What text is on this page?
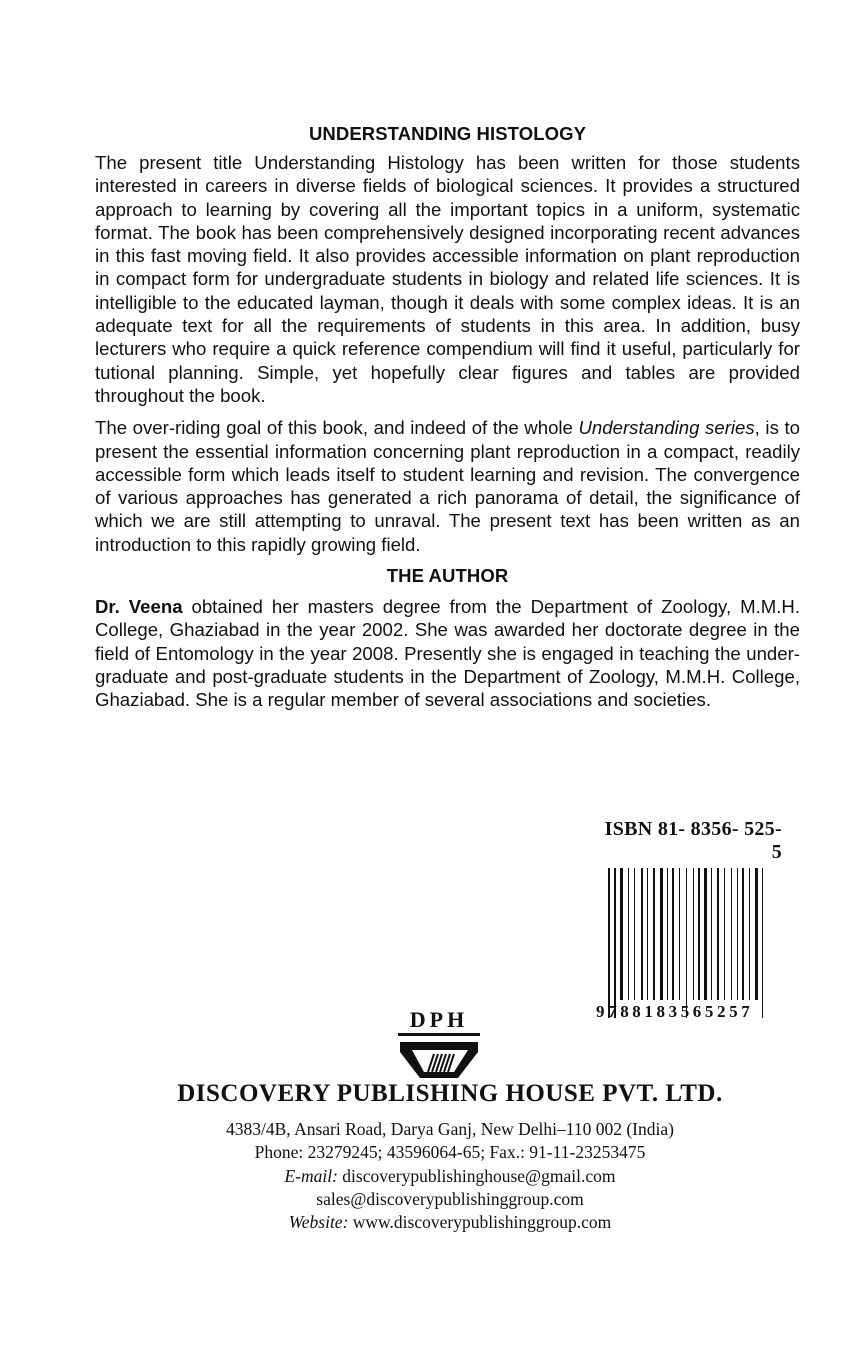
UNDERSTANDING HISTOLOGY

The present title Understanding Histology has been written for those students interested in careers in diverse fields of biological sciences. It provides a structured approach to learning by covering all the important topics in a uniform, systematic format. The book has been comprehensively designed incorporating recent advances in this fast moving field. It also provides accessible information on plant reproduction in compact form for undergraduate students in biology and related life sciences. It is intelligible to the educated layman, though it deals with some complex ideas. It is an adequate text for all the requirements of students in this area. In addition, busy lecturers who require a quick reference compendium will find it useful, particularly for tutional planning. Simple, yet hopefully clear figures and tables are provided throughout the book.

The over-riding goal of this book, and indeed of the whole Understanding series, is to present the essential information concerning plant reproduction in a compact, readily accessible form which leads itself to student learning and revision. The convergence of various approaches has generated a rich panorama of detail, the significance of which we are still attempting to unraval. The present text has been written as an introduction to this rapidly growing field.

THE AUTHOR

Dr. Veena obtained her masters degree from the Department of Zoology, M.M.H. College, Ghaziabad in the year 2002. She was awarded her doctorate degree in the field of Entomology in the year 2008. Presently she is engaged in teaching the under-graduate and post-graduate students in the Department of Zoology, M.M.H. College, Ghaziabad. She is a regular member of several associations and societies.

ISBN 81- 8356- 525- 5
9788183565257
DPH
DISCOVERY PUBLISHING HOUSE PVT. LTD.
4383/4B, Ansari Road, Darya Ganj, New Delhi–110 002 (India)
Phone: 23279245; 43596064-65; Fax.: 91-11-23253475
E-mail: discoverypublishinghouse@gmail.com
sales@discoverypublishinggroup.com
Website: www.discoverypublishinggroup.com
